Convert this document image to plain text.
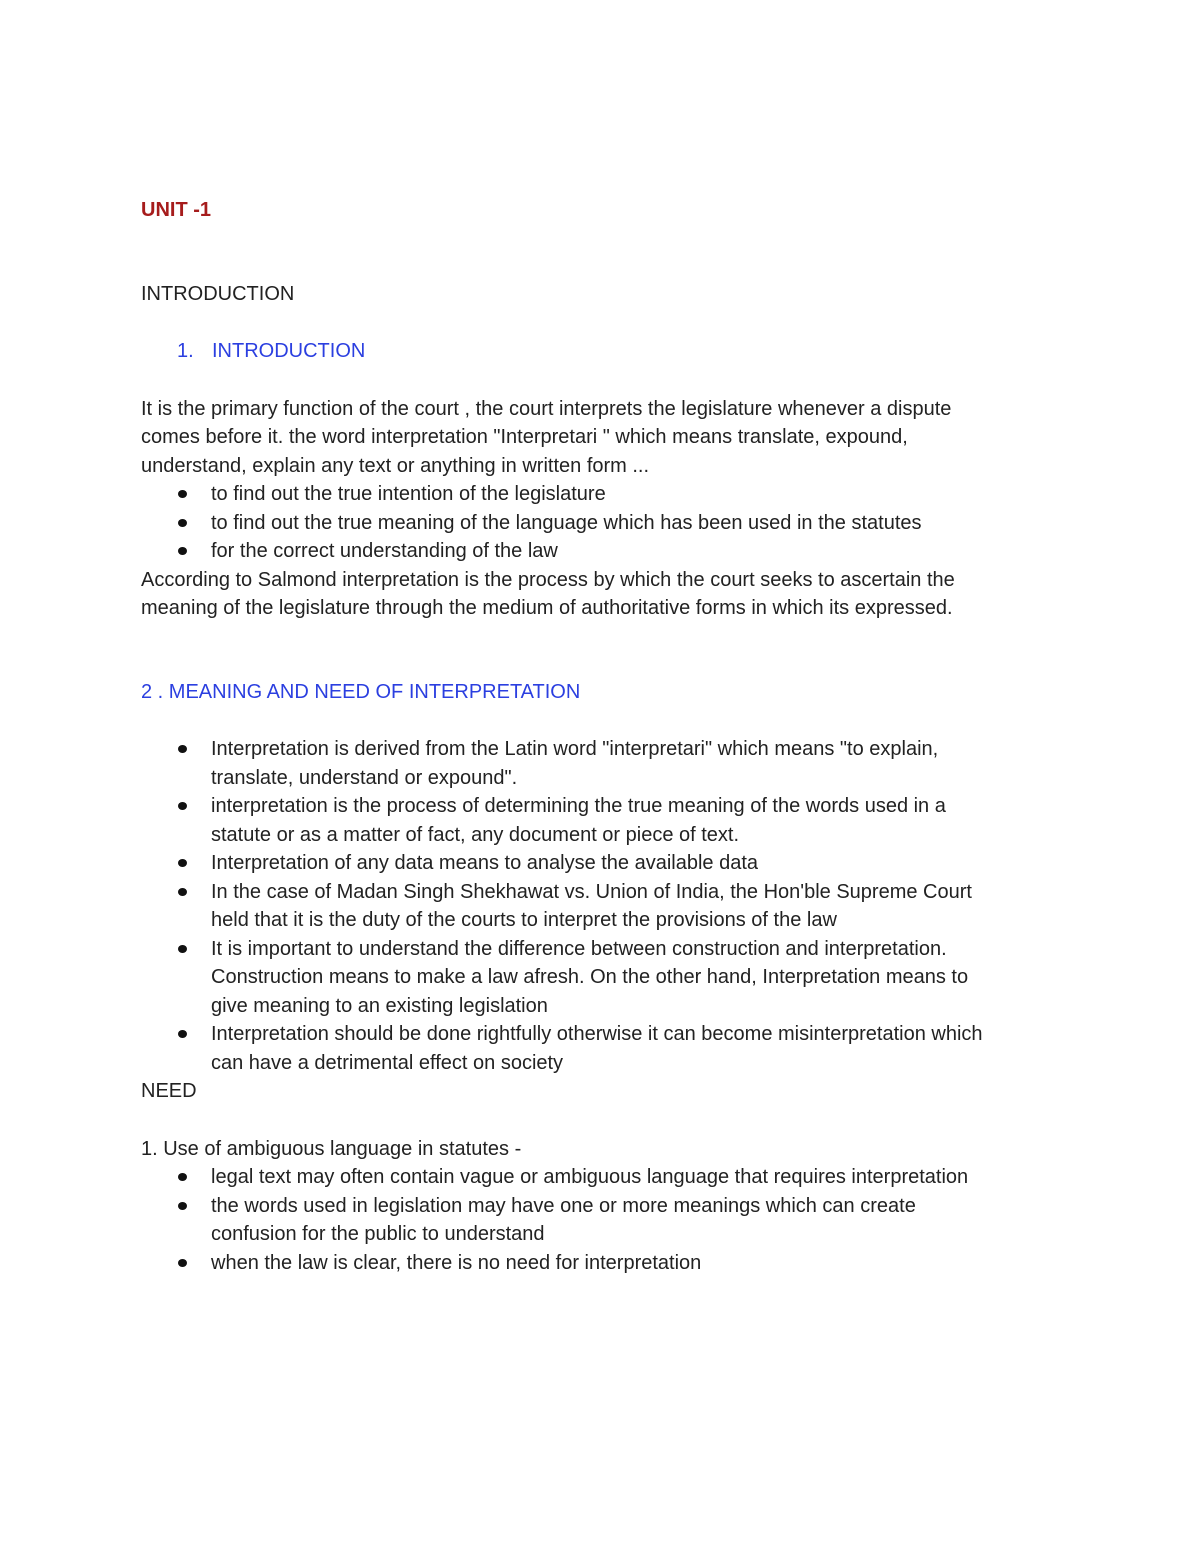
UNIT -1

INTRODUCTION

1. INTRODUCTION

It is the primary function of the court , the court interprets the legislature whenever a dispute
comes before it. the word interpretation "Interpretari " which means translate, expound,
understand, explain any text or anything in written form ...

to find out the true intention of the legislature
to find out the true meaning of the language which has been used in the statutes
for the correct understanding of the law

According to Salmond interpretation is the process by which the court seeks to ascertain the
meaning of the legislature through the medium of authoritative forms in which its expressed.

2 . MEANING AND NEED OF INTERPRETATION

Interpretation is derived from the Latin word "interpretari" which means "to explain,
translate, understand or expound".
interpretation is the process of determining the true meaning of the words used in a
statute or as a matter of fact, any document or piece of text.
Interpretation of any data means to analyse the available data
In the case of Madan Singh Shekhawat vs. Union of India, the Hon'ble Supreme Court
held that it is the duty of the courts to interpret the provisions of the law
It is important to understand the difference between construction and interpretation.
Construction means to make a law afresh. On the other hand, Interpretation means to
give meaning to an existing legislation
Interpretation should be done rightfully otherwise it can become misinterpretation which
can have a detrimental effect on society

NEED

1. Use of ambiguous language in statutes -

legal text may often contain vague or ambiguous language that requires interpretation
the words used in legislation may have one or more meanings which can create
confusion for the public to understand
when the law is clear, there is no need for interpretation
